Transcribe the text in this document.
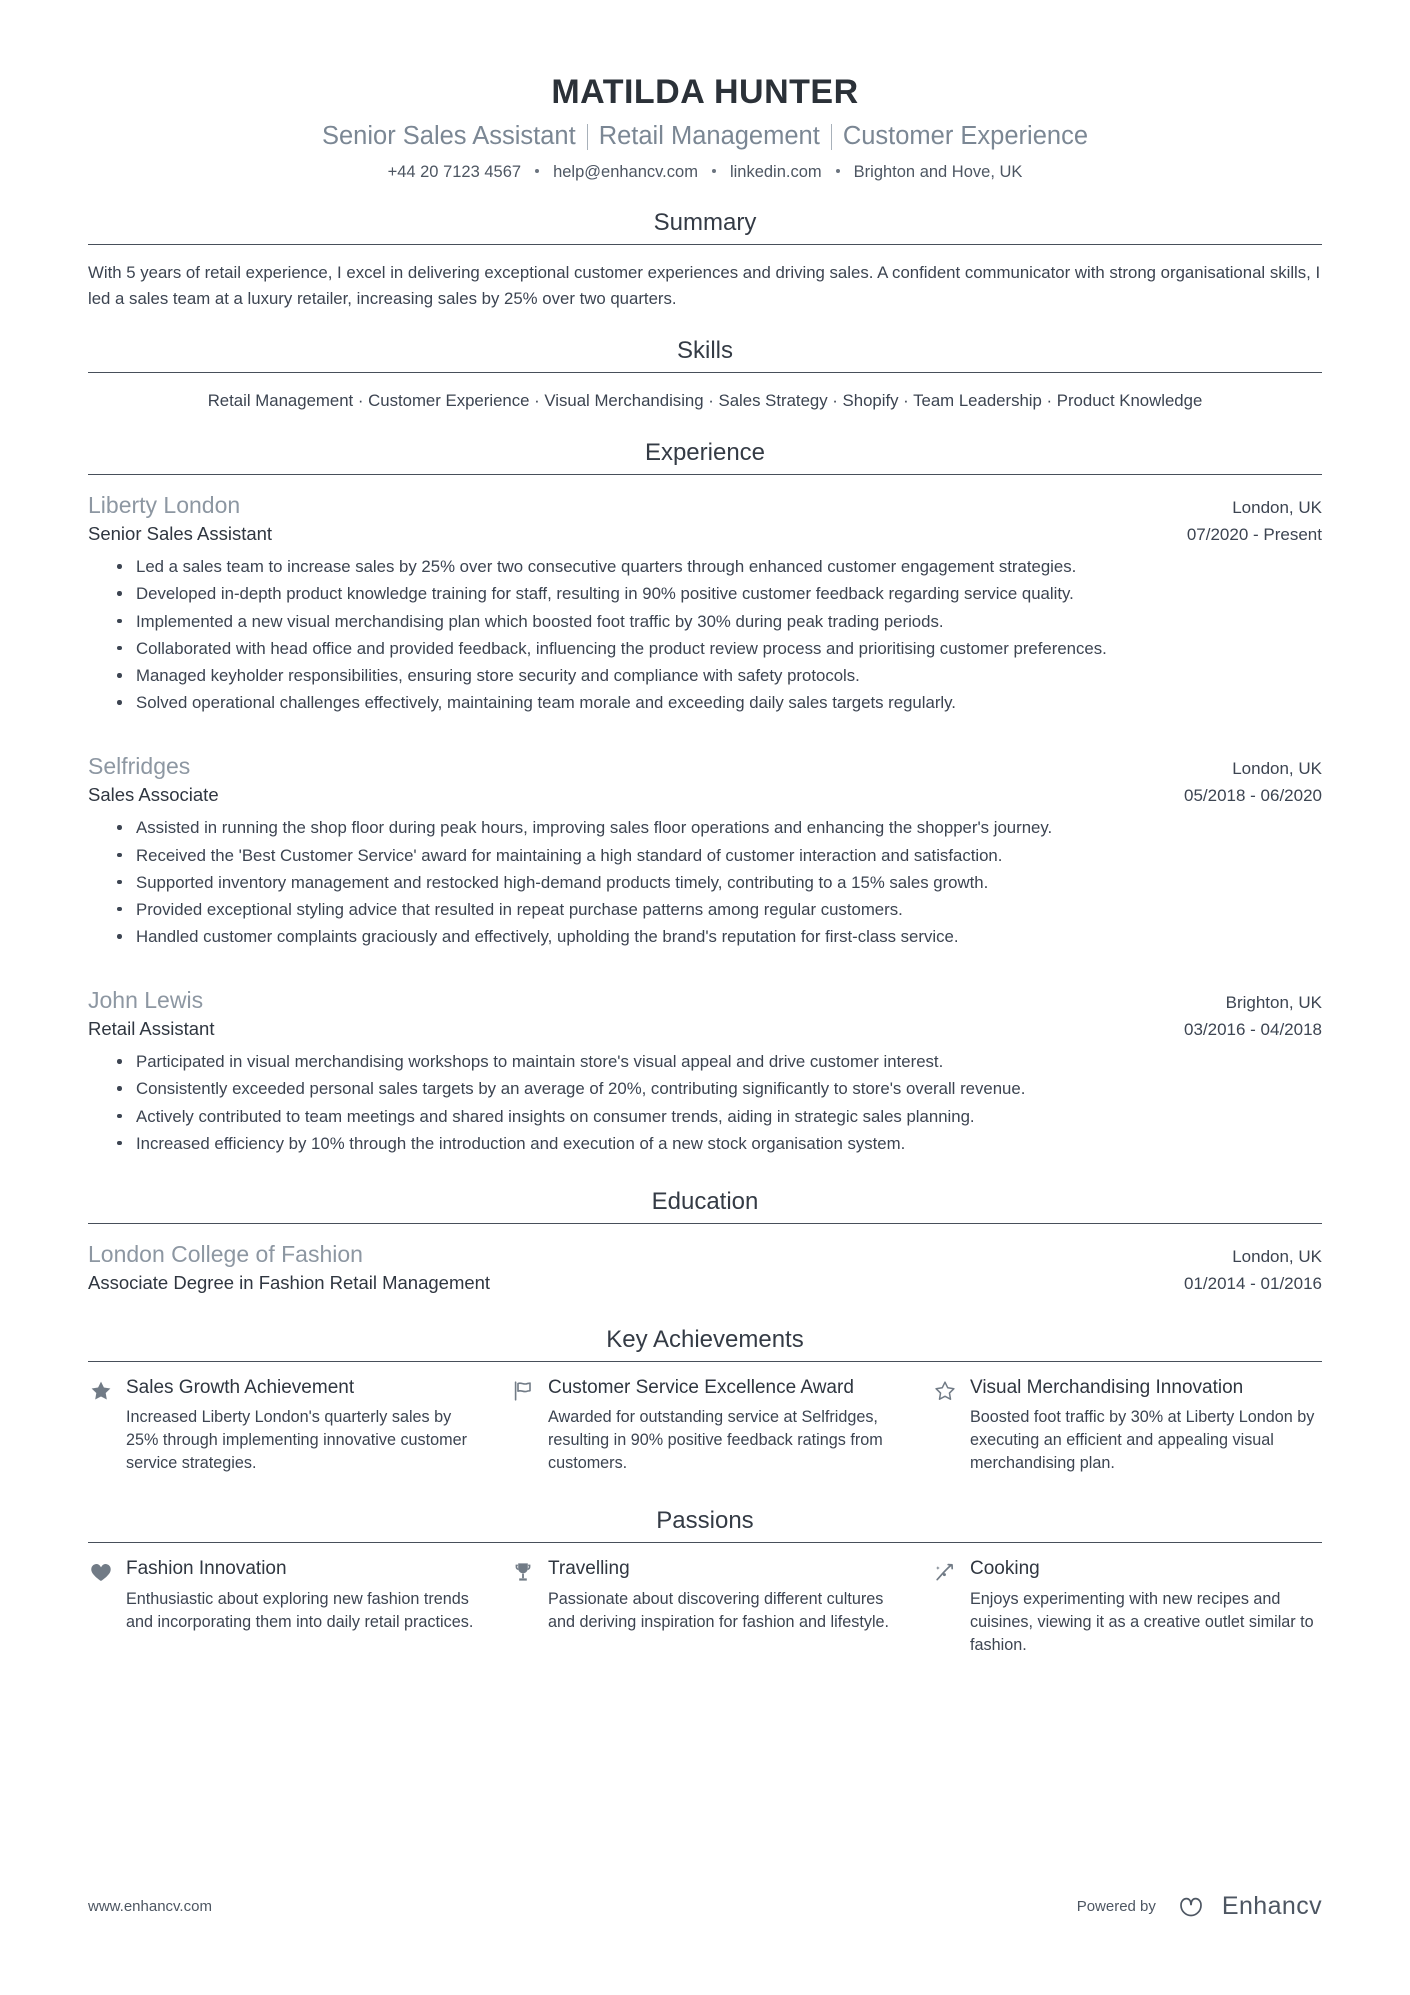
MATILDA HUNTER
Senior Sales Assistant Retail Management Customer Experience
+44 20 7123 4567 help@enhancv.com linkedin.com Brighton and Hove, UK
Summary
With 5 years of retail experience, I excel in delivering exceptional customer experiences and driving sales. A confident communicator with strong organisational skills, I led a sales team at a luxury retailer, increasing sales by 25% over two quarters.
Skills
Retail Management · Customer Experience · Visual Merchandising · Sales Strategy · Shopify · Team Leadership · Product Knowledge
Experience
Liberty London	London, UK
Senior Sales Assistant	07/2020 - Present
Led a sales team to increase sales by 25% over two consecutive quarters through enhanced customer engagement strategies.
Developed in-depth product knowledge training for staff, resulting in 90% positive customer feedback regarding service quality.
Implemented a new visual merchandising plan which boosted foot traffic by 30% during peak trading periods.
Collaborated with head office and provided feedback, influencing the product review process and prioritising customer preferences.
Managed keyholder responsibilities, ensuring store security and compliance with safety protocols.
Solved operational challenges effectively, maintaining team morale and exceeding daily sales targets regularly.
Selfridges	London, UK
Sales Associate	05/2018 - 06/2020
Assisted in running the shop floor during peak hours, improving sales floor operations and enhancing the shopper's journey.
Received the 'Best Customer Service' award for maintaining a high standard of customer interaction and satisfaction.
Supported inventory management and restocked high-demand products timely, contributing to a 15% sales growth.
Provided exceptional styling advice that resulted in repeat purchase patterns among regular customers.
Handled customer complaints graciously and effectively, upholding the brand's reputation for first-class service.
John Lewis	Brighton, UK
Retail Assistant	03/2016 - 04/2018
Participated in visual merchandising workshops to maintain store's visual appeal and drive customer interest.
Consistently exceeded personal sales targets by an average of 20%, contributing significantly to store's overall revenue.
Actively contributed to team meetings and shared insights on consumer trends, aiding in strategic sales planning.
Increased efficiency by 10% through the introduction and execution of a new stock organisation system.
Education
London College of Fashion	London, UK
Associate Degree in Fashion Retail Management	01/2014 - 01/2016
Key Achievements
Sales Growth Achievement
Increased Liberty London's quarterly sales by 25% through implementing innovative customer service strategies.
Customer Service Excellence Award
Awarded for outstanding service at Selfridges, resulting in 90% positive feedback ratings from customers.
Visual Merchandising Innovation
Boosted foot traffic by 30% at Liberty London by executing an efficient and appealing visual merchandising plan.
Passions
Fashion Innovation
Enthusiastic about exploring new fashion trends and incorporating them into daily retail practices.
Travelling
Passionate about discovering different cultures and deriving inspiration for fashion and lifestyle.
Cooking
Enjoys experimenting with new recipes and cuisines, viewing it as a creative outlet similar to fashion.
www.enhancv.com	Powered by	Enhancv
